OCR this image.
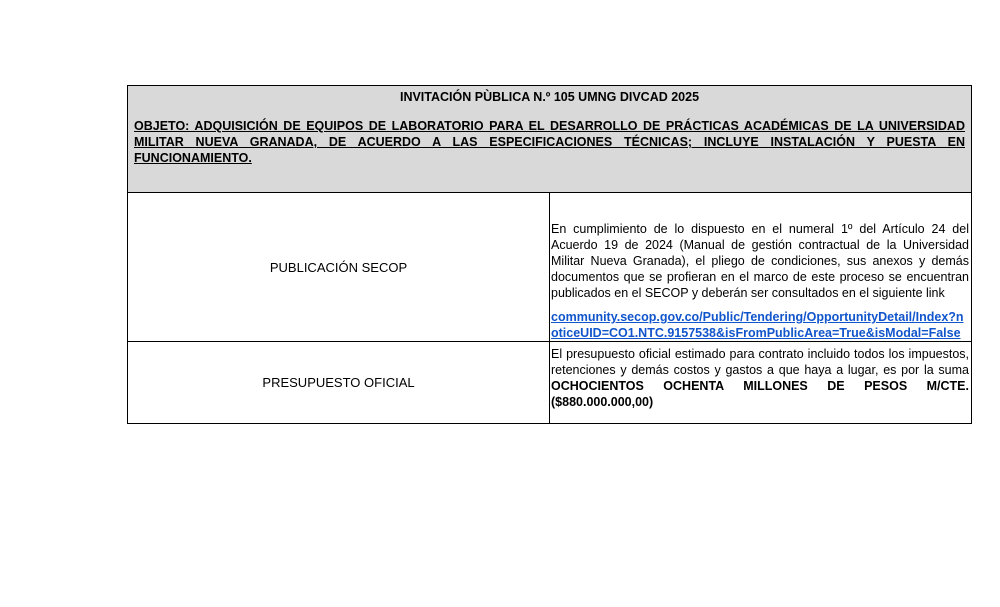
INVITACIÓN PÙBLICA N.º 105 UMNG DIVCAD 2025

OBJETO: ADQUISICIÓN DE EQUIPOS DE LABORATORIO PARA EL DESARROLLO DE PRÁCTICAS ACADÉMICAS DE LA UNIVERSIDAD MILITAR NUEVA GRANADA, DE ACUERDO A LAS ESPECIFICACIONES TÉCNICAS; INCLUYE INSTALACIÓN Y PUESTA EN FUNCIONAMIENTO.	

PUBLICACIÓN SECOP	En cumplimiento de lo dispuesto en el numeral 1º del Artículo 24 del Acuerdo 19 de 2024 (Manual de gestión contractual de la Universidad Militar Nueva Granada), el pliego de condiciones, sus anexos y demás documentos que se profieran en el marco de este proceso se encuentran publicados en el SECOP y deberán ser consultados en el siguiente link

community.secop.gov.co/Public/Tendering/OpportunityDetail/Index?noticeUID=CO1.NTC.9157538&isFromPublicArea=True&isModal=False

PRESUPUESTO OFICIAL	El presupuesto oficial estimado para contrato incluido todos los impuestos, retenciones y demás costos y gastos a que haya a lugar, es por la suma OCHOCIENTOS OCHENTA MILLONES DE PESOS M/CTE. ($880.000.000,00)
